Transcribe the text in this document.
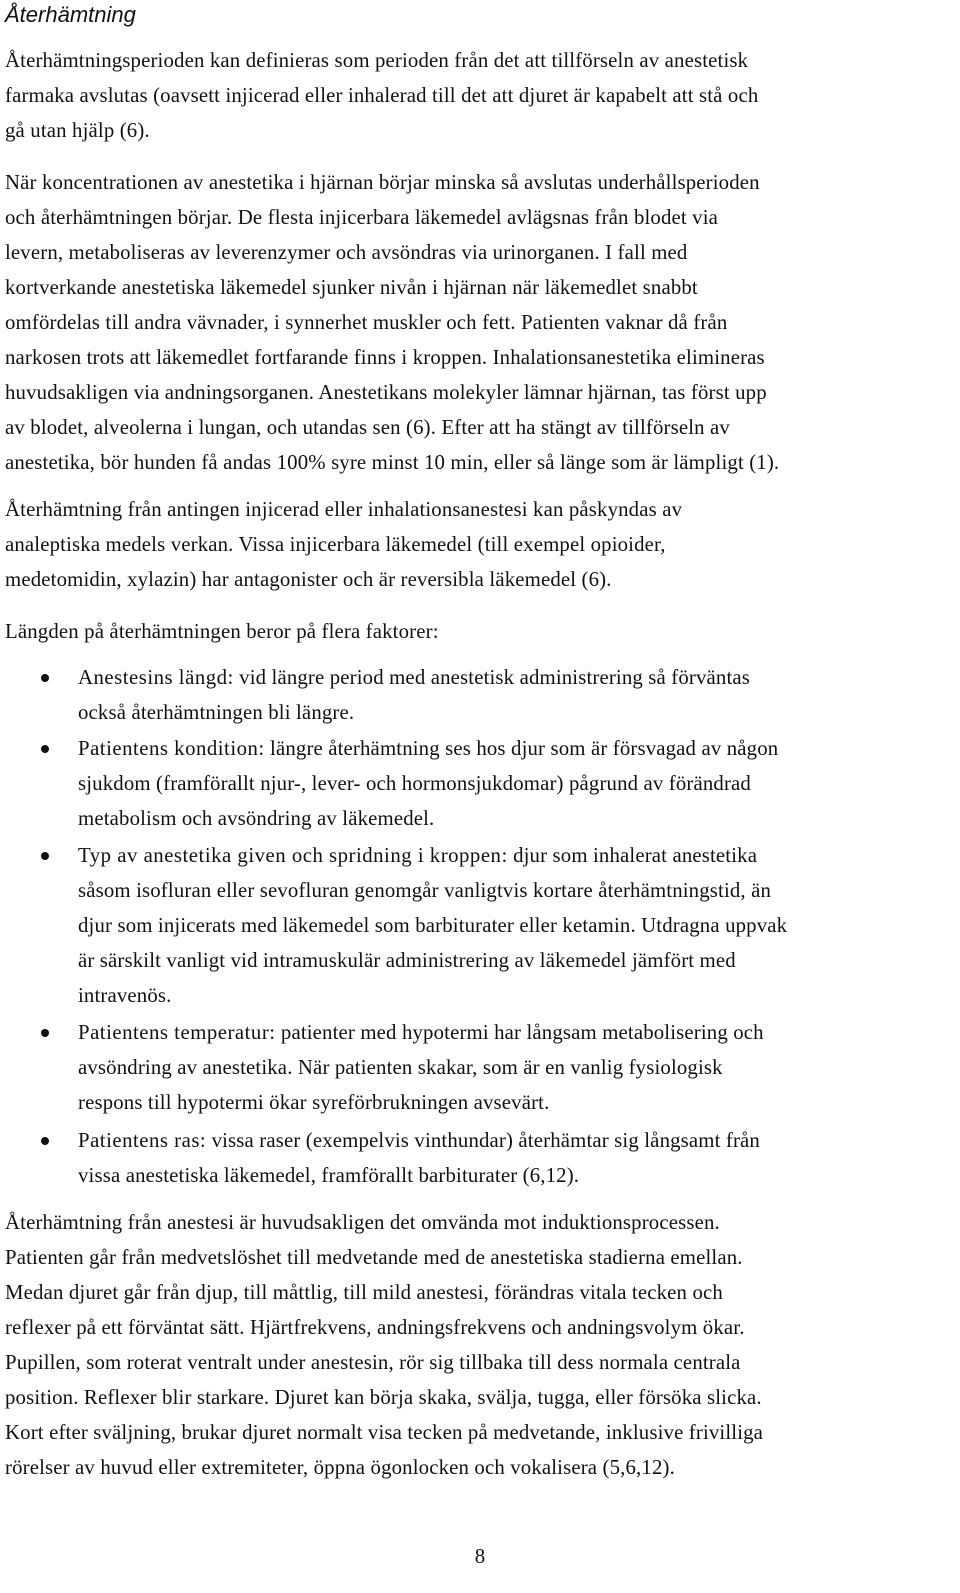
Återhämtning

Återhämtningsperioden kan definieras som perioden från det att tillförseln av anestetisk
farmaka avslutas (oavsett injicerad eller inhalerad till det att djuret är kapabelt att stå och
gå utan hjälp (6).

När koncentrationen av anestetika i hjärnan börjar minska så avslutas underhållsperioden
och återhämtningen börjar. De flesta injicerbara läkemedel avlägsnas från blodet via
levern, metaboliseras av leverenzymer och avsöndras via urinorganen. I fall med
kortverkande anestetiska läkemedel sjunker nivån i hjärnan när läkemedlet snabbt
omfördelas till andra vävnader, i synnerhet muskler och fett. Patienten vaknar då från
narkosen trots att läkemedlet fortfarande finns i kroppen. Inhalationsanestetika elimineras
huvudsakligen via andningsorganen. Anestetikans molekyler lämnar hjärnan, tas först upp
av blodet, alveolerna i lungan, och utandas sen (6). Efter att ha stängt av tillförseln av
anestetika, bör hunden få andas 100% syre minst 10 min, eller så länge som är lämpligt (1).

Återhämtning från antingen injicerad eller inhalationsanestesi kan påskyndas av
analeptiska medels verkan. Vissa injicerbara läkemedel (till exempel opioider,
medetomidin, xylazin) har antagonister och är reversibla läkemedel (6).

Längden på återhämtningen beror på flera faktorer:

Anestesins längd: vid längre period med anestetisk administrering så förväntas
också återhämtningen bli längre.
Patientens kondition: längre återhämtning ses hos djur som är försvagad av någon
sjukdom (framförallt njur-, lever- och hormonsjukdomar) pågrund av förändrad
metabolism och avsöndring av läkemedel.
Typ av anestetika given och spridning i kroppen: djur som inhalerat anestetika
såsom isofluran eller sevofluran genomgår vanligtvis kortare återhämtningstid, än
djur som injicerats med läkemedel som barbiturater eller ketamin. Utdragna uppvak
är särskilt vanligt vid intramuskulär administrering av läkemedel jämfört med
intravenös.
Patientens temperatur: patienter med hypotermi har långsam metabolisering och
avsöndring av anestetika. När patienten skakar, som är en vanlig fysiologisk
respons till hypotermi ökar syreförbrukningen avsevärt.
Patientens ras: vissa raser (exempelvis vinthundar) återhämtar sig långsamt från
vissa anestetiska läkemedel, framförallt barbiturater (6,12).

Återhämtning från anestesi är huvudsakligen det omvända mot induktionsprocessen.
Patienten går från medvetslöshet till medvetande med de anestetiska stadierna emellan.
Medan djuret går från djup, till måttlig, till mild anestesi, förändras vitala tecken och
reflexer på ett förväntat sätt. Hjärtfrekvens, andningsfrekvens och andningsvolym ökar.
Pupillen, som roterat ventralt under anestesin, rör sig tillbaka till dess normala centrala
position. Reflexer blir starkare. Djuret kan börja skaka, svälja, tugga, eller försöka slicka.
Kort efter sväljning, brukar djuret normalt visa tecken på medvetande, inklusive frivilliga
rörelser av huvud eller extremiteter, öppna ögonlocken och vokalisera (5,6,12).

8
